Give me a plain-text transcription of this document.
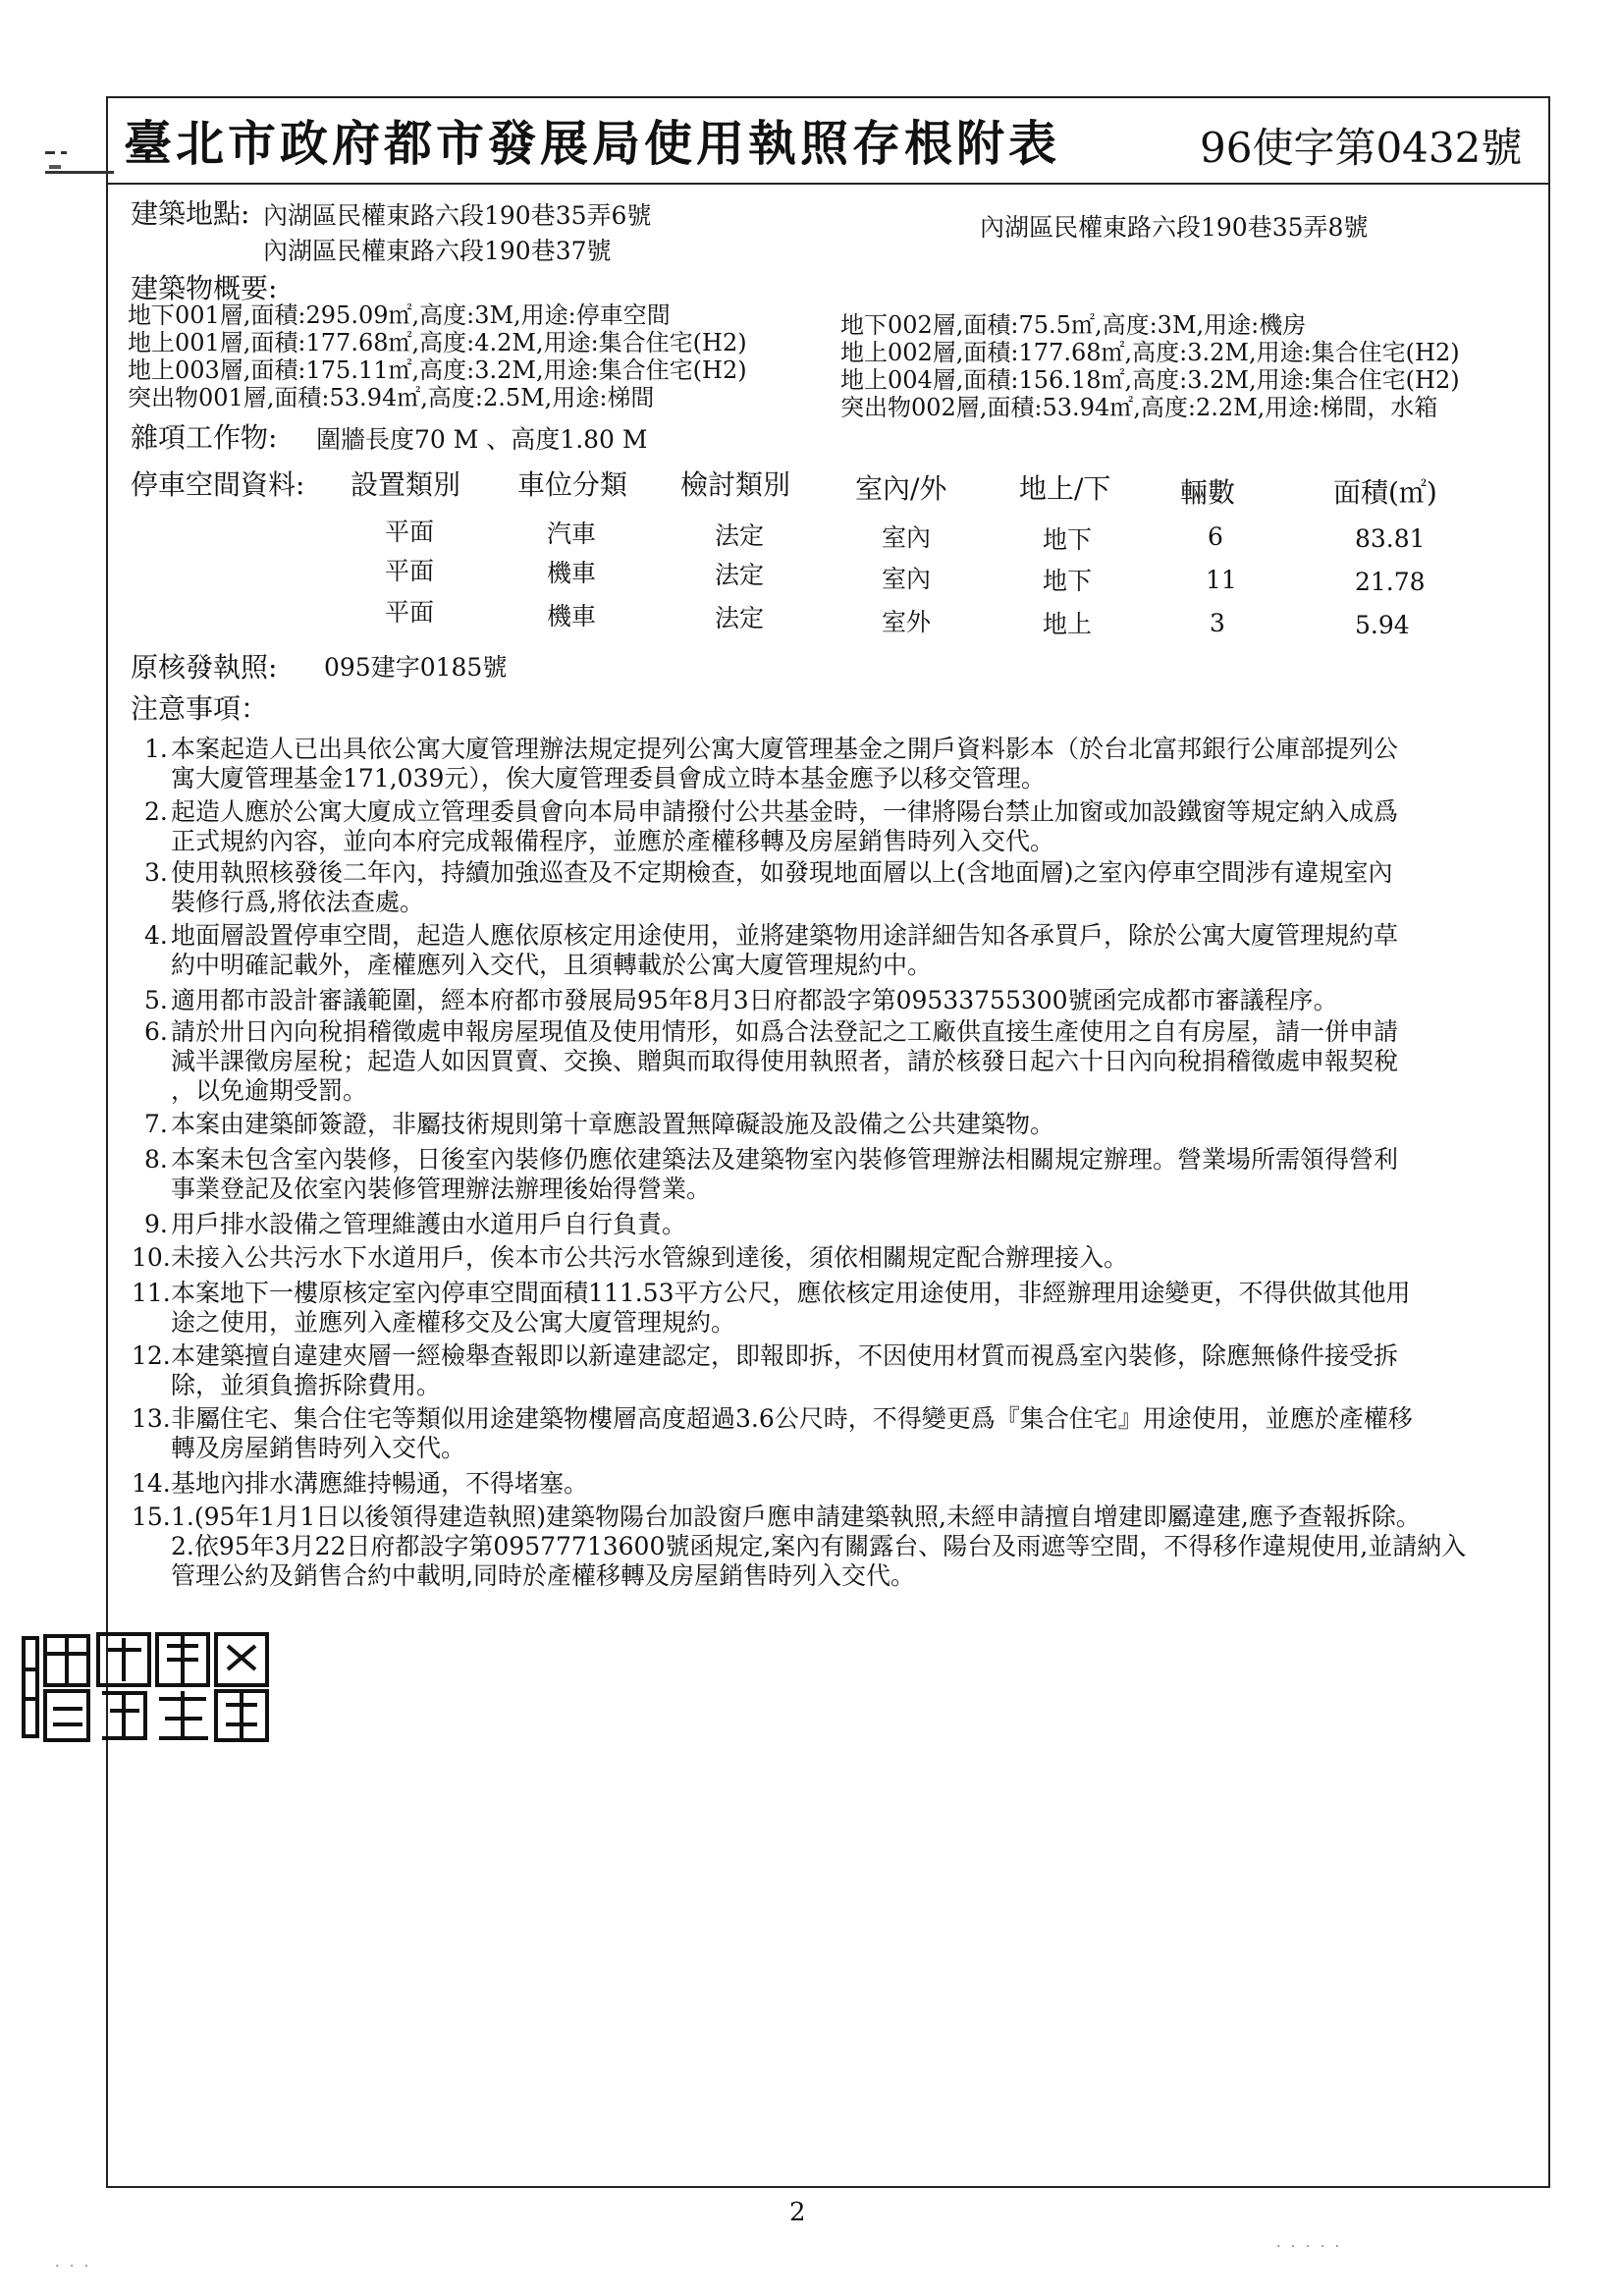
臺北市政府都市發展局使用執照存根附表	96使字第0432號
建築地點: 內湖區民權東路六段190巷35弄6號
內湖區民權東路六段190巷37號
內湖區民權東路六段190巷35弄8號
建築物概要:
地下001層,面積:295.09㎡,高度:3M,用途:停車空間
地上001層,面積:177.68㎡,高度:4.2M,用途:集合住宅(H2)
地上003層,面積:175.11㎡,高度:3.2M,用途:集合住宅(H2)
突出物001層,面積:53.94㎡,高度:2.5M,用途:梯間
地下002層,面積:75.5㎡,高度:3M,用途:機房
地上002層,面積:177.68㎡,高度:3.2M,用途:集合住宅(H2)
地上004層,面積:156.18㎡,高度:3.2M,用途:集合住宅(H2)
突出物002層,面積:53.94㎡,高度:2.2M,用途:梯間，水箱
雜項工作物: 圍牆長度70 M 、高度1.80 M
停車空間資料: 設置類別 車位分類 檢討類別 室內/外	地上/下	輛數	面積(㎡)
平面	汽車	法定	室內	地下	6	83.81
平面	機車	法定	室內	地下	11	21.78
平面	機車	法定	室外	地上	3	5.94
原核發執照: 095建字0185號
注意事項：
1. 本案起造人已出具依公寓大廈管理辦法規定提列公寓大廈管理基金之開戶資料影本（於台北富邦銀行公庫部提列公
寓大廈管理基金171,039元），俟大廈管理委員會成立時本基金應予以移交管理。
2. 起造人應於公寓大廈成立管理委員會向本局申請撥付公共基金時，一律將陽台禁止加窗或加設鐵窗等規定納入成爲
正式規約內容，並向本府完成報備程序，並應於產權移轉及房屋銷售時列入交代。
3. 使用執照核發後二年內，持續加強巡查及不定期檢查，如發現地面層以上(含地面層)之室內停車空間涉有違規室內
裝修行爲,將依法查處。
4. 地面層設置停車空間，起造人應依原核定用途使用，並將建築物用途詳細告知各承買戶，除於公寓大廈管理規約草
約中明確記載外，產權應列入交代，且須轉載於公寓大廈管理規約中。
5. 適用都市設計審議範圍，經本府都市發展局95年8月3日府都設字第09533755300號函完成都市審議程序。
6. 請於卅日內向稅捐稽徵處申報房屋現值及使用情形，如爲合法登記之工廠供直接生產使用之自有房屋，請一併申請
減半課徵房屋稅；起造人如因買賣、交換、贈與而取得使用執照者，請於核發日起六十日內向稅捐稽徵處申報契稅
，以免逾期受罰。
7. 本案由建築師簽證，非屬技術規則第十章應設置無障礙設施及設備之公共建築物。
8. 本案未包含室內裝修，日後室內裝修仍應依建築法及建築物室內裝修管理辦法相關規定辦理。營業場所需領得營利
事業登記及依室內裝修管理辦法辦理後始得營業。
9. 用戶排水設備之管理維護由水道用戶自行負責。
10. 未接入公共污水下水道用戶，俟本市公共污水管線到達後，須依相關規定配合辦理接入。
11. 本案地下一樓原核定室內停車空間面積111.53平方公尺，應依核定用途使用，非經辦理用途變更，不得供做其他用
途之使用，並應列入產權移交及公寓大廈管理規約。
12. 本建築擅自違建夾層一經檢舉查報即以新違建認定，即報即拆，不因使用材質而視爲室內裝修，除應無條件接受拆
除，並須負擔拆除費用。
13. 非屬住宅、集合住宅等類似用途建築物樓層高度超過3.6公尺時，不得變更爲『集合住宅』用途使用，並應於產權移
轉及房屋銷售時列入交代。
14. 基地內排水溝應維持暢通，不得堵塞。
15. 1.(95年1月1日以後領得建造執照)建築物陽台加設窗戶應申請建築執照,未經申請擅自增建即屬違建,應予查報拆除。
2.依95年3月22日府都設字第09577713600號函規定,案內有關露台、陽台及雨遮等空間，不得移作違規使用,並請納入
管理公約及銷售合約中載明,同時於產權移轉及房屋銷售時列入交代。
2
· · ·
· · · · ·
